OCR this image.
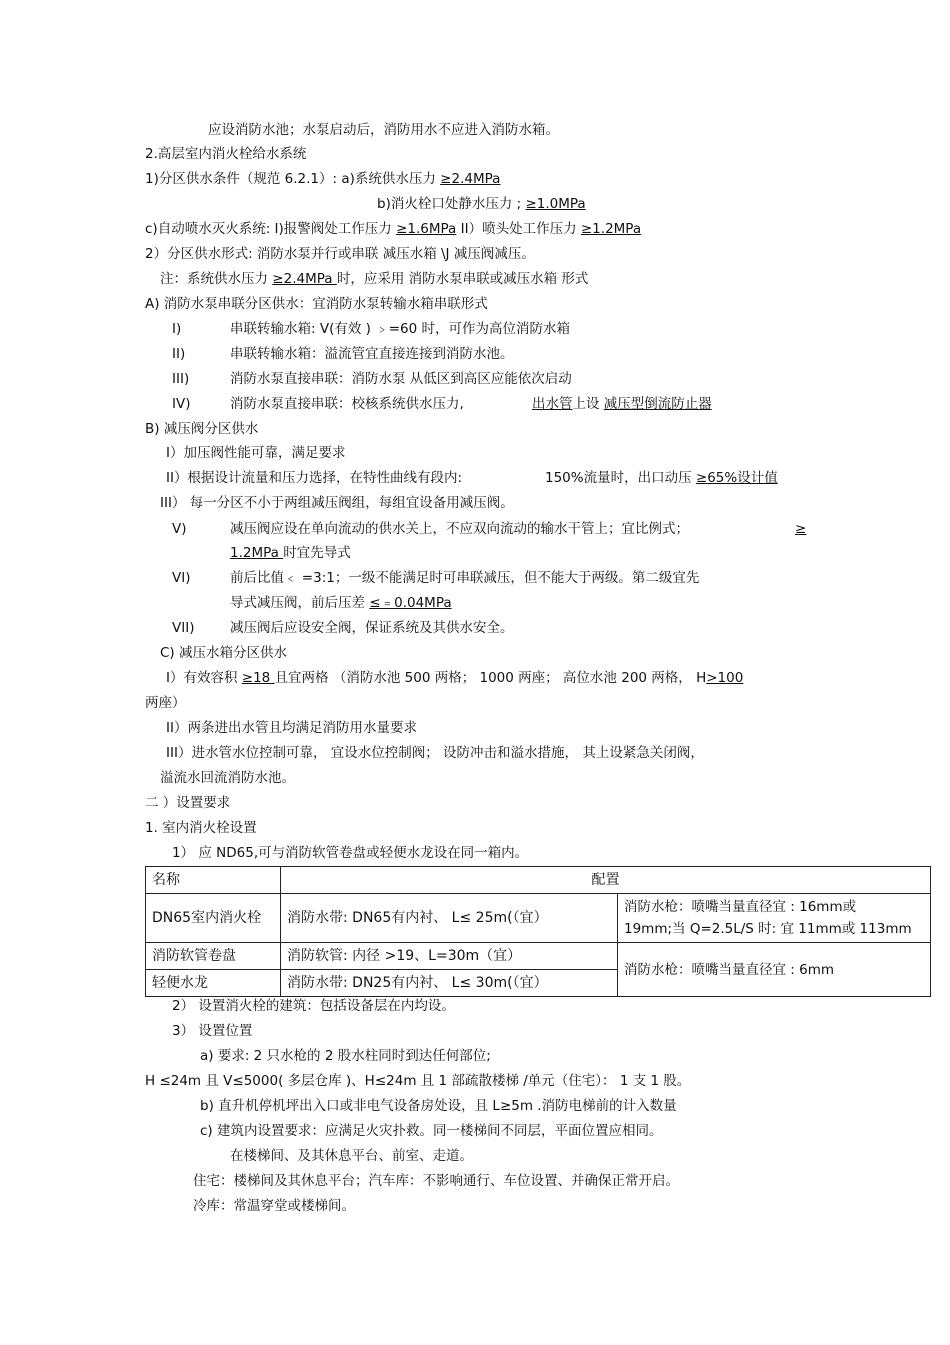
应设消防水池；水泵启动后，消防用水不应进入消防水箱。
2.高层室内消火栓给水系统
1)分区供水条件（规范 6.2.1）: a)系统供水压力 ≥2.4MPa
b)消火栓口处静水压力 ; ≥1.0MPa
c)自动喷水灭火系统: I)报警阀处工作压力 ≥1.6MPa II）喷头处工作压力 ≥1.2MPa
2）分区供水形式: 消防水泵并行或串联 减压水箱 \J 减压阀减压。
注：系统供水压力 ≥2.4MPa 时，应采用 消防水泵串联或减压水箱 形式
A) 消防水泵串联分区供水：宜消防水泵转输水箱串联形式
I)	串联转输水箱: V(有效 ) ﹥=60 时，可作为高位消防水箱
II)	串联转输水箱：溢流管宜直接连接到消防水池。
III)	消防水泵直接串联：消防水泵 从低区到高区应能依次启动
IV)	消防水泵直接串联：校核系统供水压力,	出水管上设 减压型倒流防止器
B) 减压阀分区供水
I）加压阀性能可靠，满足要求
II）根据设计流量和压力选择，在特性曲线有段内:	150%流量时，出口动压 ≥65%设计值
III） 每一分区不小于两组减压阀组，每组宜设备用减压阀。
V)	减压阀应设在单向流动的供水关上，不应双向流动的输水干管上；宜比例式；	≥
1.2MPa 时宜先导式
VI)	前后比值﹤ =3:1；一级不能满足时可串联减压，但不能大于两级。第二级宜先
导式减压阀，前后压差 ≤﹦0.04MPa
VII)	减压阀后应设安全阀，保证系统及其供水安全。
C) 减压水箱分区供水
I）有效容积 ≥18 且宜两格 （消防水池 500 两格； 1000 两座； 高位水池 200 两格， H>100
两座）
II）两条进出水管且均满足消防用水量要求
III）进水管水位控制可靠， 宜设水位控制阀； 设防冲击和溢水措施， 其上设紧急关闭阀，
溢流水回流消防水池。
二 ）设置要求
1. 室内消火栓设置
1） 应 ND65,可与消防软管卷盘或轻便水龙设在同一箱内。
名称	配置	
DN65室内消火栓	消防水带: DN65有内衬、 L≤ 25m(（宜）	消防水枪：喷嘴当量直径宜 : 16mm或
19mm;当 Q=2.5L/S 时: 宜 11mm或 113mm

消防软管卷盘	消防软管: 内径 >19、L=30m（宜）	消防水枪：喷嘴当量直径宜 : 6mm
轻便水龙	消防水带: DN25有内衬、 L≤ 30m(（宜）	
2） 设置消火栓的建筑：包括设备层在内均设。
3） 设置位置
a) 要求: 2 只水枪的 2 股水柱同时到达任何部位;
H ≤24m 且 V≤5000( 多层仓库 )、H≤24m 且 1 部疏散楼梯 /单元（住宅）： 1 支 1 股。
b) 直升机停机坪出入口或非电气设备房处设，且 L≥5m .消防电梯前的计入数量
c) 建筑内设置要求：应满足火灾扑救。同一楼梯间不同层，平面位置应相同。
在楼梯间、及其休息平台、前室、走道。
住宅：楼梯间及其休息平台；汽车库：不影响通行、车位设置、并确保正常开启。
冷库：常温穿堂或楼梯间。
